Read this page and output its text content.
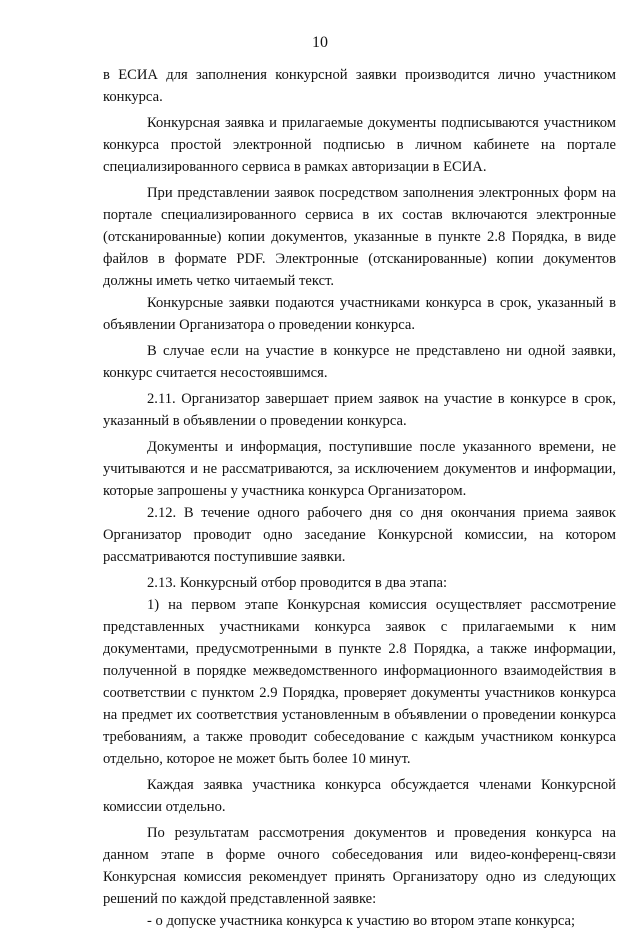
10

в ЕСИА для заполнения конкурсной заявки производится лично участником конкурса.

Конкурсная заявка и прилагаемые документы подписываются участником конкурса простой электронной подписью в личном кабинете на портале специализированного сервиса в рамках авторизации в ЕСИА.

При представлении заявок посредством заполнения электронных форм на портале специализированного сервиса в их состав включаются электронные (отсканированные) копии документов, указанные в пункте 2.8 Порядка, в виде файлов в формате PDF. Электронные (отсканированные) копии документов должны иметь четко читаемый текст.

Конкурсные заявки подаются участниками конкурса в срок, указанный в объявлении Организатора о проведении конкурса.

В случае если на участие в конкурсе не представлено ни одной заявки, конкурс считается несостоявшимся.

2.11. Организатор завершает прием заявок на участие в конкурсе в срок, указанный в объявлении о проведении конкурса.

Документы и информация, поступившие после указанного времени, не учитываются и не рассматриваются, за исключением документов и информации, которые запрошены у участника конкурса Организатором.

2.12. В течение одного рабочего дня со дня окончания приема заявок Организатор проводит одно заседание Конкурсной комиссии, на котором рассматриваются поступившие заявки.

2.13. Конкурсный отбор проводится в два этапа:

1) на первом этапе Конкурсная комиссия осуществляет рассмотрение представленных участниками конкурса заявок с прилагаемыми к ним документами, предусмотренными в пункте 2.8 Порядка, а также информации, полученной в порядке межведомственного информационного взаимодействия в соответствии с пунктом 2.9 Порядка, проверяет документы участников конкурса на предмет их соответствия установленным в объявлении о проведении конкурса требованиям, а также проводит собеседование с каждым участником конкурса отдельно, которое не может быть более 10 минут.

Каждая заявка участника конкурса обсуждается членами Конкурсной комиссии отдельно.

По результатам рассмотрения документов и проведения конкурса на данном этапе в форме очного собеседования или видео-конференц-связи Конкурсная комиссия рекомендует принять Организатору одно из следующих решений по каждой представленной заявке:

- о допуске участника конкурса к участию во втором этапе конкурса;
